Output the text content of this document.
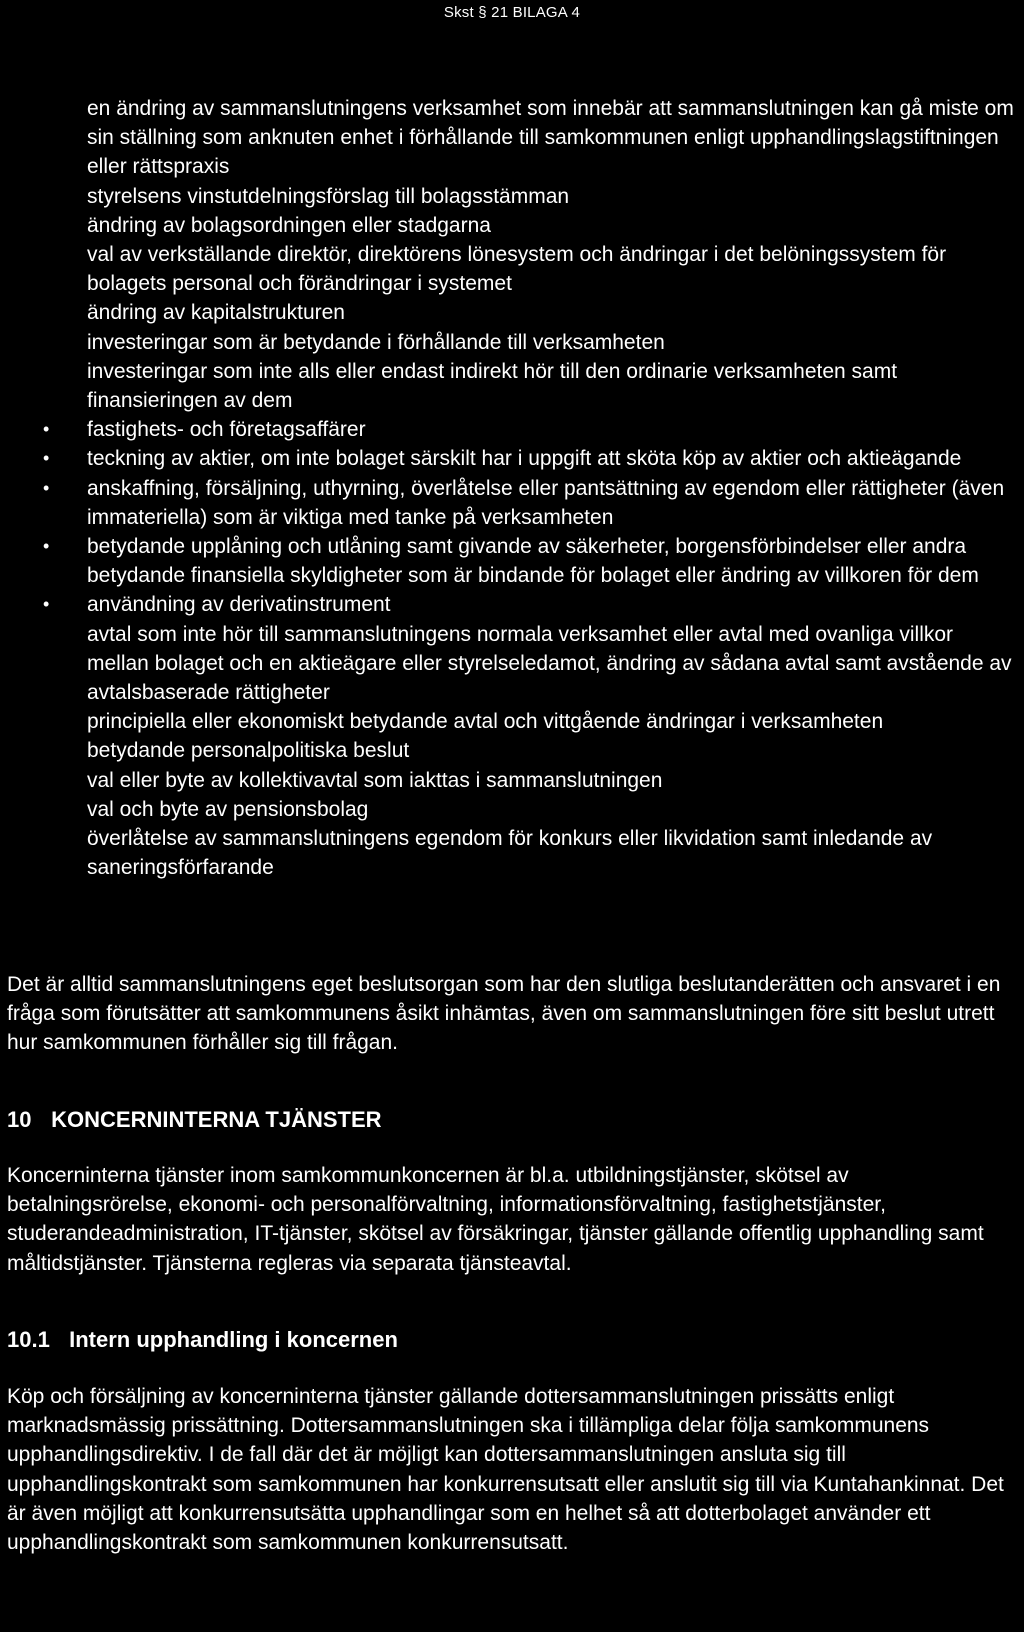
Skst § 21 BILAGA 4
en ändring av sammanslutningens verksamhet som innebär att sammanslutningen kan gå miste om sin ställning som anknuten enhet i förhållande till samkommunen enligt upphandlingslagstiftningen eller rättspraxis
styrelsens vinstutdelningsförslag till bolagsstämman
ändring av bolagsordningen eller stadgarna
val av verkställande direktör, direktörens lönesystem och ändringar i det belöningssystem för bolagets personal och förändringar i systemet
ändring av kapitalstrukturen
investeringar som är betydande i förhållande till verksamheten
investeringar som inte alls eller endast indirekt hör till den ordinarie verksamheten samt finansieringen av dem
• fastighets- och företagsaffärer
• teckning av aktier, om inte bolaget särskilt har i uppgift att sköta köp av aktier och aktieägande
• anskaffning, försäljning, uthyrning, överlåtelse eller pantsättning av egendom eller rättigheter (även immateriella) som är viktiga med tanke på verksamheten
• betydande upplåning och utlåning samt givande av säkerheter, borgensförbindelser eller andra betydande finansiella skyldigheter som är bindande för bolaget eller ändring av villkoren för dem
• användning av derivatinstrument
avtal som inte hör till sammanslutningens normala verksamhet eller avtal med ovanliga villkor mellan bolaget och en aktieägare eller styrelseledamot, ändring av sådana avtal samt avstående av avtalsbaserade rättigheter
principiella eller ekonomiskt betydande avtal och vittgående ändringar i verksamheten
betydande personalpolitiska beslut
val eller byte av kollektivavtal som iakttas i sammanslutningen
val och byte av pensionsbolag
överlåtelse av sammanslutningens egendom för konkurs eller likvidation samt inledande av saneringsförfarande

Det är alltid sammanslutningens eget beslutsorgan som har den slutliga beslutanderätten och ansvaret i en fråga som förutsätter att samkommunens åsikt inhämtas, även om sammanslutningen före sitt beslut utrett hur samkommunen förhåller sig till frågan.

10 KONCERNINTERNA TJÄNSTER

Koncerninterna tjänster inom samkommunkoncernen är bl.a. utbildningstjänster, skötsel av betalningsrörelse, ekonomi- och personalförvaltning, informationsförvaltning, fastighetstjänster, studerandeadministration, IT-tjänster, skötsel av försäkringar, tjänster gällande offentlig upphandling samt måltidstjänster. Tjänsterna regleras via separata tjänsteavtal.

10.1 Intern upphandling i koncernen

Köp och försäljning av koncerninterna tjänster gällande dottersammanslutningen prissätts enligt marknadsmässig prissättning. Dottersammanslutningen ska i tillämpliga delar följa samkommunens upphandlingsdirektiv. I de fall där det är möjligt kan dottersammanslutningen ansluta sig till upphandlingskontrakt som samkommunen har konkurrensutsatt eller anslutit sig till via Kuntahankinnat. Det är även möjligt att konkurrensutsätta upphandlingar som en helhet så att dotterbolaget använder ett upphandlingskontrakt som samkommunen konkurrensutsatt.
